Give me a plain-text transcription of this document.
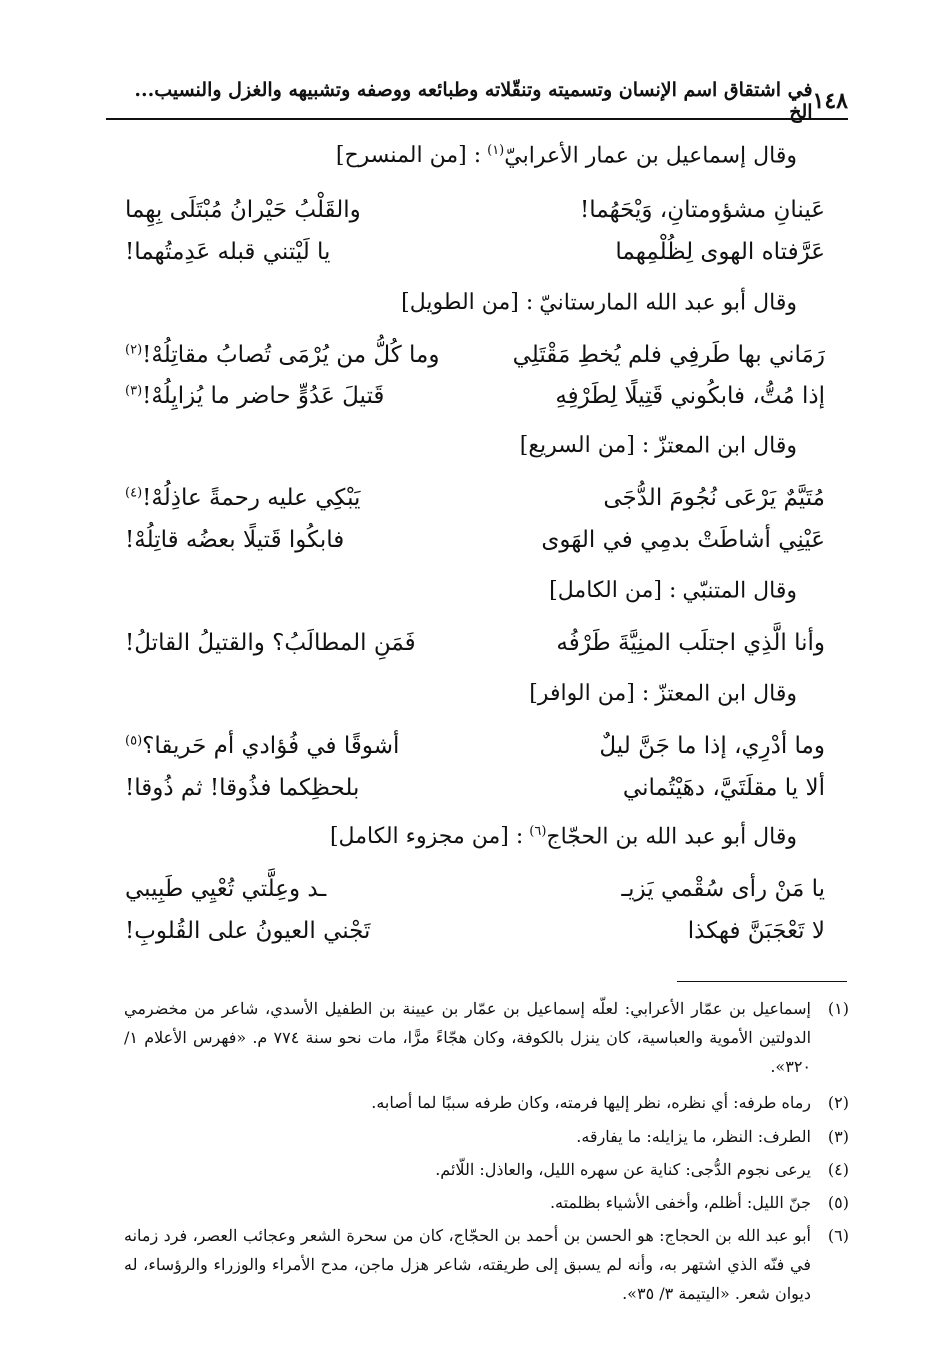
١٤٨
في اشتقاق اسم الإنسان وتسميته وتنقّلاته وطبائعه ووصفه وتشبيهه والغزل والنسيب... الخ
وقال إسماعيل بن عمار الأعرابيّ$^{(١)}$: [من المنسرح]
عَينانِ مشؤومتانِ، وَيْحَهُما!
والقَلْبُ حَيْرانُ مُبْتَلَى بِهِما
عَرَّفتاه الهوى لِظُلْمِهما
يا لَيْتني قبله عَدِمتُهما!
وقال أبو عبد الله المارستانيّ: [من الطويل]
رَمَاني بها طَرفِي فلم يُخطِ مَقْتَلِي
وما كُلُّ من يُرْمَى تُصابُ مقاتِلُهْ!$^{(٢)}$
إذا مُتُّ، فابكُوني قَتِيلًا لِطَرْفِهِ
قَتيلَ عَدُوٍّ حاضر ما يُزايِلُهْ!$^{(٣)}$
وقال ابن المعتزّ: [من السريع]
مُتَيَّمٌ يَرْعَى نُجُومَ الدُّجَى
يَبْكِي عليه رحمةً عاذِلُهْ!$^{(٤)}$
عَيْنِي أشاطَتْ بدمِي في الهَوى
فابكُوا قَتيلًا بعضُه قاتِلُهْ!
وقال المتنبّي: [من الكامل]
وأنا الَّذِي اجتلَب المنِيَّةَ طَرْفُه
فَمَنِ المطالَبُ؟ والقتيلُ القاتلُ!
وقال ابن المعتزّ: [من الوافر]
وما أدْرِي، إذا ما جَنَّ ليلٌ
أشوقًا في فُؤادي أم حَريقا؟$^{(٥)}$
ألا يا مقلَتَيَّ، دهَيْتُماني
بلحظِكما فذُوقا! ثم ذُوقا!
وقال أبو عبد الله بن الحجّاج$^{(٦)}$: [من مجزوء الكامل]
يا مَنْ رأى سُقْمي يَزيـ
ـد وعِلَّتي تُعْيِي طَبِيبي
لا تَعْجَبَنَّ فهكذا
تَجْني العيونُ على القُلوبِ!
(١)
إسماعيل بن عمّار الأعرابي: لعلّه إسماعيل بن عمّار بن عيينة بن الطفيل الأسدي، شاعر من مخضرمي الدولتين الأموية والعباسية، كان ينزل بالكوفة، وكان هجّاءً مرًّا، مات نحو سنة ٧٧٤ م. «فهرس الأعلام ١/ ٣٢٠».
(٢)
رماه طرفه: أي نظره، نظر إليها فرمته، وكان طرفه سببًا لما أصابه.
(٣)
الطرف: النظر، ما يزايله: ما يفارقه.
(٤)
يرعى نجوم الدُّجى: كناية عن سهره الليل، والعاذل: اللّائم.
(٥)
جنّ الليل: أظلم، وأخفى الأشياء بظلمته.
(٦)
أبو عبد الله بن الحجاج: هو الحسن بن أحمد بن الحجّاج، كان من سحرة الشعر وعجائب العصر، فرد زمانه في فنّه الذي اشتهر به، وأنه لم يسبق إلى طريقته، شاعر هزل ماجن، مدح الأمراء والوزراء والرؤساء، له ديوان شعر. «اليتيمة ٣/ ٣٥».
